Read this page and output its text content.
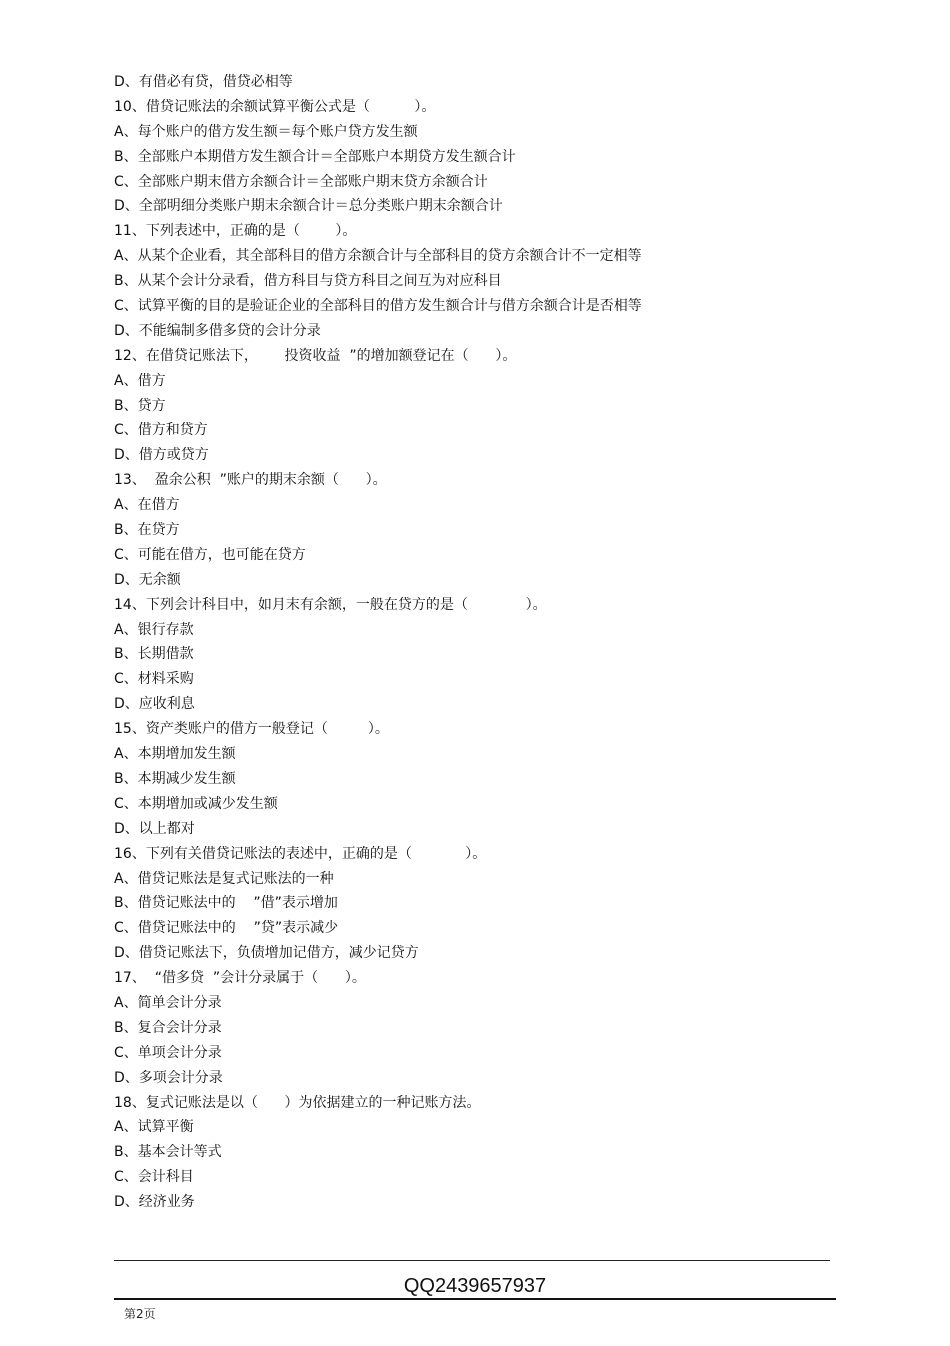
D、有借必有贷，借贷必相等
10、借贷记账法的余额试算平衡公式是（          ）。
A、每个账户的借方发生额＝每个账户贷方发生额
B、全部账户本期借方发生额合计＝全部账户本期贷方发生额合计
C、全部账户期末借方余额合计＝全部账户期末贷方余额合计
D、全部明细分类账户期末余额合计＝总分类账户期末余额合计
11、下列表述中，正确的是（        ）。
A、从某个企业看，其全部科目的借方余额合计与全部科目的贷方余额合计不一定相等
B、从某个会计分录看，借方科目与贷方科目之间互为对应科目
C、试算平衡的目的是验证企业的全部科目的借方发生额合计与借方余额合计是否相等
D、不能编制多借多贷的会计分录
12、在借贷记账法下，      投资收益  ”的增加额登记在（      ）。
A、借方
B、贷方
C、借方和贷方
D、借方或贷方
13、  盈余公积  ”账户的期末余额（      ）。
A、在借方
B、在贷方
C、可能在借方，也可能在贷方
D、无余额
14、下列会计科目中，如月末有余额，一般在贷方的是（             ）。
A、银行存款
B、长期借款
C、材料采购
D、应收利息
15、资产类账户的借方一般登记（         ）。
A、本期增加发生额
B、本期减少发生额
C、本期增加或减少发生额
D、以上都对
16、下列有关借贷记账法的表述中，正确的是（            ）。
A、借贷记账法是复式记账法的一种
B、借贷记账法中的    ”借”表示增加
C、借贷记账法中的    ”贷”表示减少
D、借贷记账法下，负债增加记借方，减少记贷方
17、  “借多贷  ”会计分录属于（      ）。
A、简单会计分录
B、复合会计分录
C、单项会计分录
D、多项会计分录
18、复式记账法是以（      ）为依据建立的一种记账方法。
A、试算平衡
B、基本会计等式
C、会计科目
D、经济业务
QQ2439657937
第2页
